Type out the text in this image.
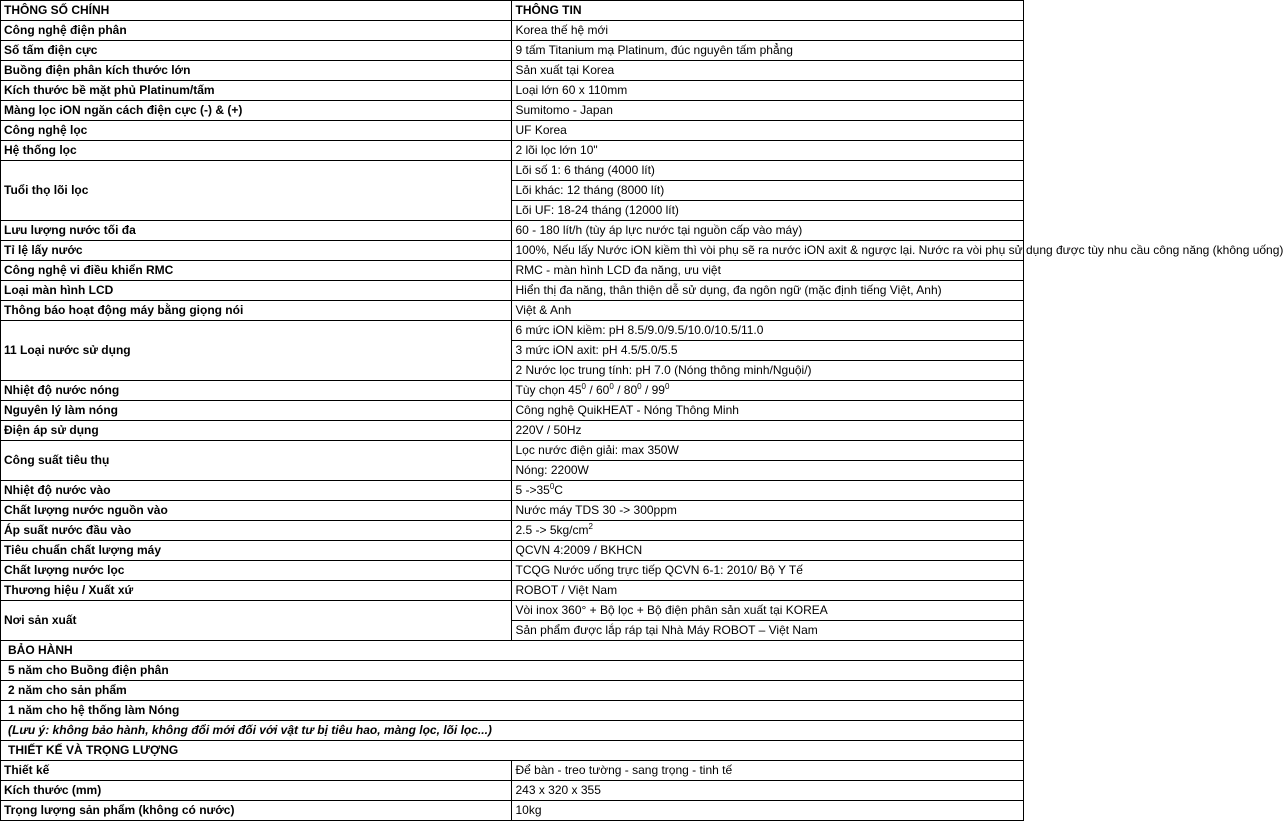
THÔNG SỐ CHÍNH	THÔNG TIN
Công nghệ điện phân	Korea thế hệ mới
Số tấm điện cực	9 tấm Titanium mạ Platinum, đúc nguyên tấm phẳng
Buồng điện phân kích thước lớn	Sản xuất tại Korea
Kích thước bề mặt phủ Platinum/tấm	Loại lớn 60 x 110mm
Màng lọc iON ngăn cách điện cực (-) & (+)	Sumitomo - Japan
Công nghệ lọc	UF Korea
Hệ thống lọc	2 lõi lọc lớn 10"
Tuổi thọ lõi lọc	Lõi số 1: 6 tháng (4000 lít)
	Lõi khác: 12 tháng (8000 lít)
	Lõi UF: 18-24 tháng (12000 lít)
Lưu lượng nước tối đa	60 - 180 lít/h (tùy áp lực nước tại nguồn cấp vào máy)
Tỉ lệ lấy nước	100%, Nếu lấy Nước iON kiềm thì vòi phụ sẽ ra nước iON axit & ngược lại. Nước ra vòi phụ sử dụng được tùy nhu cầu công năng (không uống)
Công nghệ vi điều khiển RMC	RMC - màn hình LCD đa năng, ưu việt
Loại màn hình LCD	Hiển thị đa năng, thân thiện dễ sử dụng, đa ngôn ngữ (mặc định tiếng Việt, Anh)
Thông báo hoạt động máy bằng giọng nói	Việt & Anh
11 Loại nước sử dụng	6 mức iON kiềm: pH 8.5/9.0/9.5/10.0/10.5/11.0
	3 mức iON axit: pH 4.5/5.0/5.5
	2 Nước lọc trung tính: pH 7.0 (Nóng thông minh/Nguội/)
Nhiệt độ nước nóng	Tùy chọn $45^0 / 60^0 / 80^0 / 99^0$
Nguyên lý làm nóng	Công nghệ QuikHEAT - Nóng Thông Minh
Điện áp sử dụng	220V / 50Hz
Công suất tiêu thụ	Lọc nước điện giải: max 350W
	Nóng: 2200W
Nhiệt độ nước vào	5 $->35^0C$
Chất lượng nước nguồn vào	Nước máy TDS 30 -> 300ppm
Áp suất nước đầu vào	$2.5 -> 5kg/cm^2$
Tiêu chuẩn chất lượng máy	QCVN 4:2009 / BKHCN
Chất lượng nước lọc	TCQG Nước uống trực tiếp QCVN 6-1: 2010/ Bộ Y Tế
Thương hiệu / Xuất xứ	ROBOT / Việt Nam
Nơi sản xuất	Vòi inox 360° + Bộ lọc + Bộ điện phân sản xuất tại KOREA
	Sản phẩm được lắp ráp tại Nhà Máy ROBOT – Việt Nam
BẢO HÀNH	
5 năm cho Buồng điện phân	
2 năm cho sản phẩm	
1 năm cho hệ thống làm Nóng	
(Lưu ý: không bảo hành, không đổi mới đối với vật tư bị tiêu hao, màng lọc, lõi lọc...)	
THIẾT KẾ VÀ TRỌNG LƯỢNG	
Thiết kế	Để bàn - treo tường - sang trọng - tinh tế
Kích thước (mm)	243 x 320 x 355
Trọng lượng sản phẩm (không có nước)	10kg
